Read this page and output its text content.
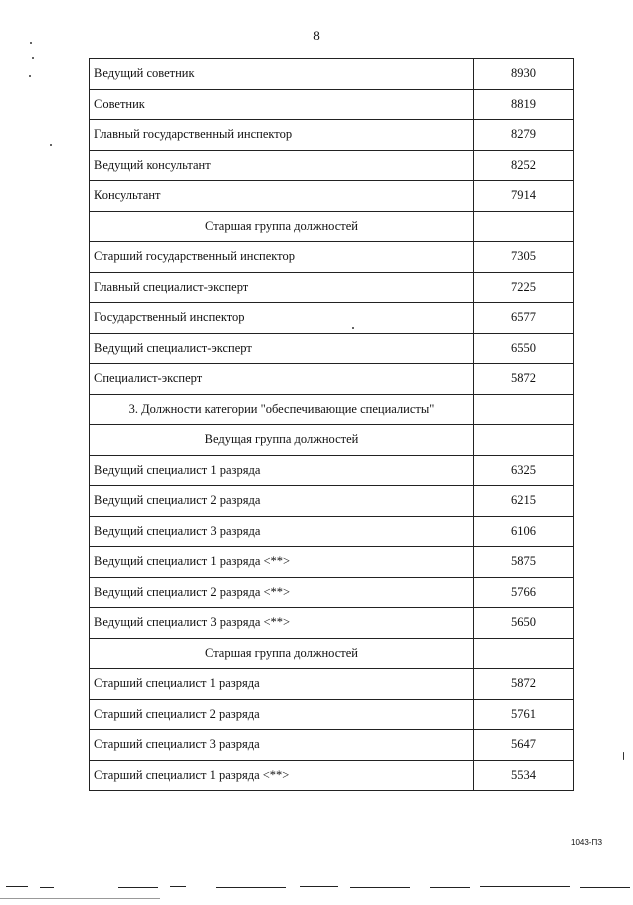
8
Ведущий советник	8930
Советник	8819
Главный государственный инспектор	8279
Ведущий консультант	8252
Консультант	7914
Старшая группа должностей	
Старший государственный инспектор	7305
Главный специалист-эксперт	7225
Государственный инспектор	6577
Ведущий специалист-эксперт	6550
Специалист-эксперт	5872
3. Должности категории "обеспечивающие специалисты"	
Ведущая группа должностей	
Ведущий специалист 1 разряда	6325
Ведущий специалист 2 разряда	6215
Ведущий специалист 3 разряда	6106
Ведущий специалист 1 разряда <**>	5875
Ведущий специалист 2 разряда <**>	5766
Ведущий специалист 3 разряда <**>	5650
Старшая группа должностей	
Старший специалист 1 разряда	5872
Старший специалист 2 разряда	5761
Старший специалист 3 разряда	5647
Старший специалист 1 разряда <**>	5534
1043-ПЗ
